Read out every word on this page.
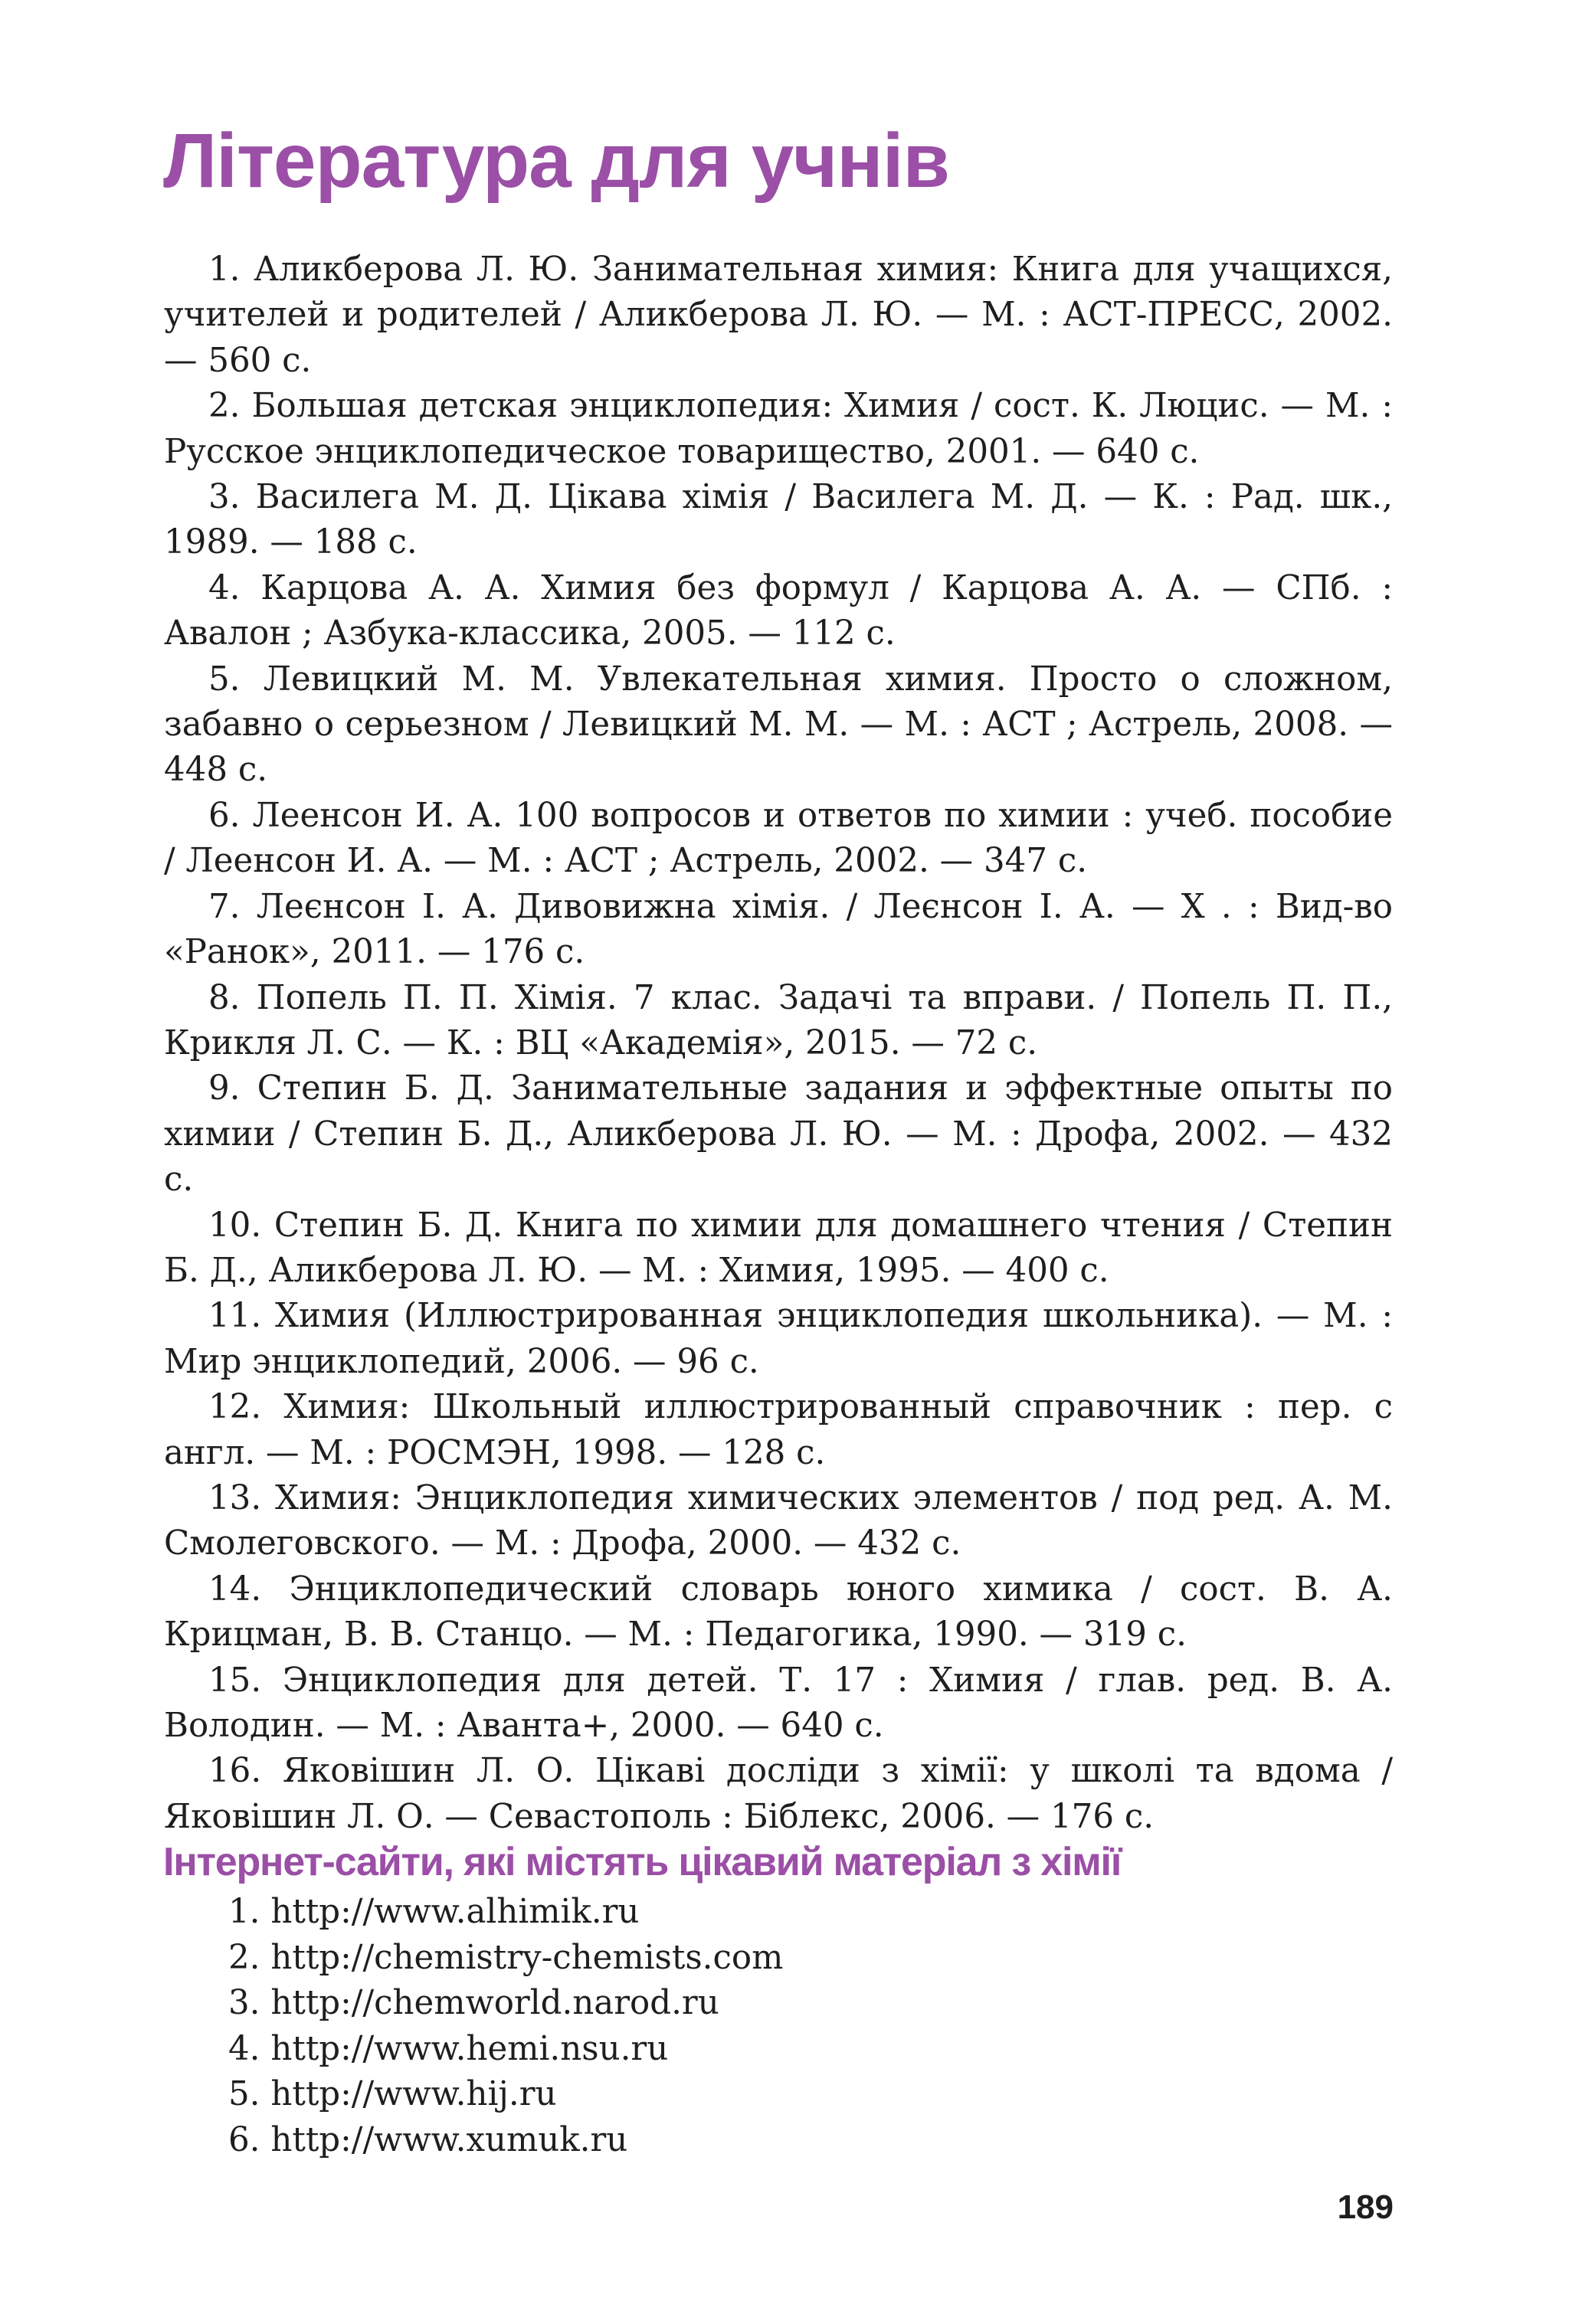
Література для учнів
1. Аликберова Л. Ю. Занимательная химия: Книга для учащихся, учителей и родителей / Аликберова Л. Ю. — М. : АСТ-ПРЕСС, 2002. — 560 с.
2. Большая детская энциклопедия: Химия / сост. К. Люцис. — М. : Русское энциклопедическое товарищество, 2001. — 640 с.
3. Василега М. Д. Цікава хімія / Василега М. Д. — К. : Рад. шк., 1989. — 188 с.
4. Карцова А. А. Химия без формул / Карцова А. А. — СПб. : Авалон ; Азбука-классика, 2005. — 112 с.
5. Левицкий М. М. Увлекательная химия. Просто о сложном, забавно о серьезном / Левицкий М. М. — М. : АСТ ; Астрель, 2008. — 448 с.
6. Леенсон И. А. 100 вопросов и ответов по химии : учеб. пособие / Леенсон И. А. — М. : АСТ ; Астрель, 2002. — 347 с.
7. Леєнсон І. А. Дивовижна хімія. / Леєнсон І. А. — Х . : Вид-во «Ранок», 2011. — 176 с.
8. Попель П. П. Хімія. 7 клас. Задачі та вправи. / Попель П. П., Крикля Л. С. — К. : ВЦ «Академія», 2015. — 72 с.
9. Степин Б. Д. Занимательные задания и эффектные опыты по химии / Степин Б. Д., Аликберова Л. Ю. — М. : Дрофа, 2002. — 432 с.
10. Степин Б. Д. Книга по химии для домашнего чтения / Степин Б. Д., Аликберова Л. Ю. — М. : Химия, 1995. — 400 с.
11. Химия (Иллюстрированная энциклопедия школьника). — М. : Мир энциклопедий, 2006. — 96 с.
12. Химия: Школьный иллюстрированный справочник : пер. с англ. — М. : РОСМЭН, 1998. — 128 с.
13. Химия: Энциклопедия химических элементов / под ред. А. М. Смолеговского. — М. : Дрофа, 2000. — 432 с.
14. Энциклопедический словарь юного химика / сост. В. А. Крицман, В. В. Станцо. — М. : Педагогика, 1990. — 319 с.
15. Энциклопедия для детей. Т. 17 : Химия / глав. ред. В. А. Володин. — М. : Аванта+, 2000. — 640 с.
16. Яковішин Л. О. Цікаві досліди з хімії: у школі та вдома / Яковішин Л. О. — Севастополь : Біблекс, 2006. — 176 с.
Інтернет-сайти, які містять цікавий матеріал з хімії
1. http://www.alhimik.ru
2. http://chemistry-chemists.com
3. http://chemworld.narod.ru
4. http://www.hemi.nsu.ru
5. http://www.hij.ru
6. http://www.xumuk.ru
189
